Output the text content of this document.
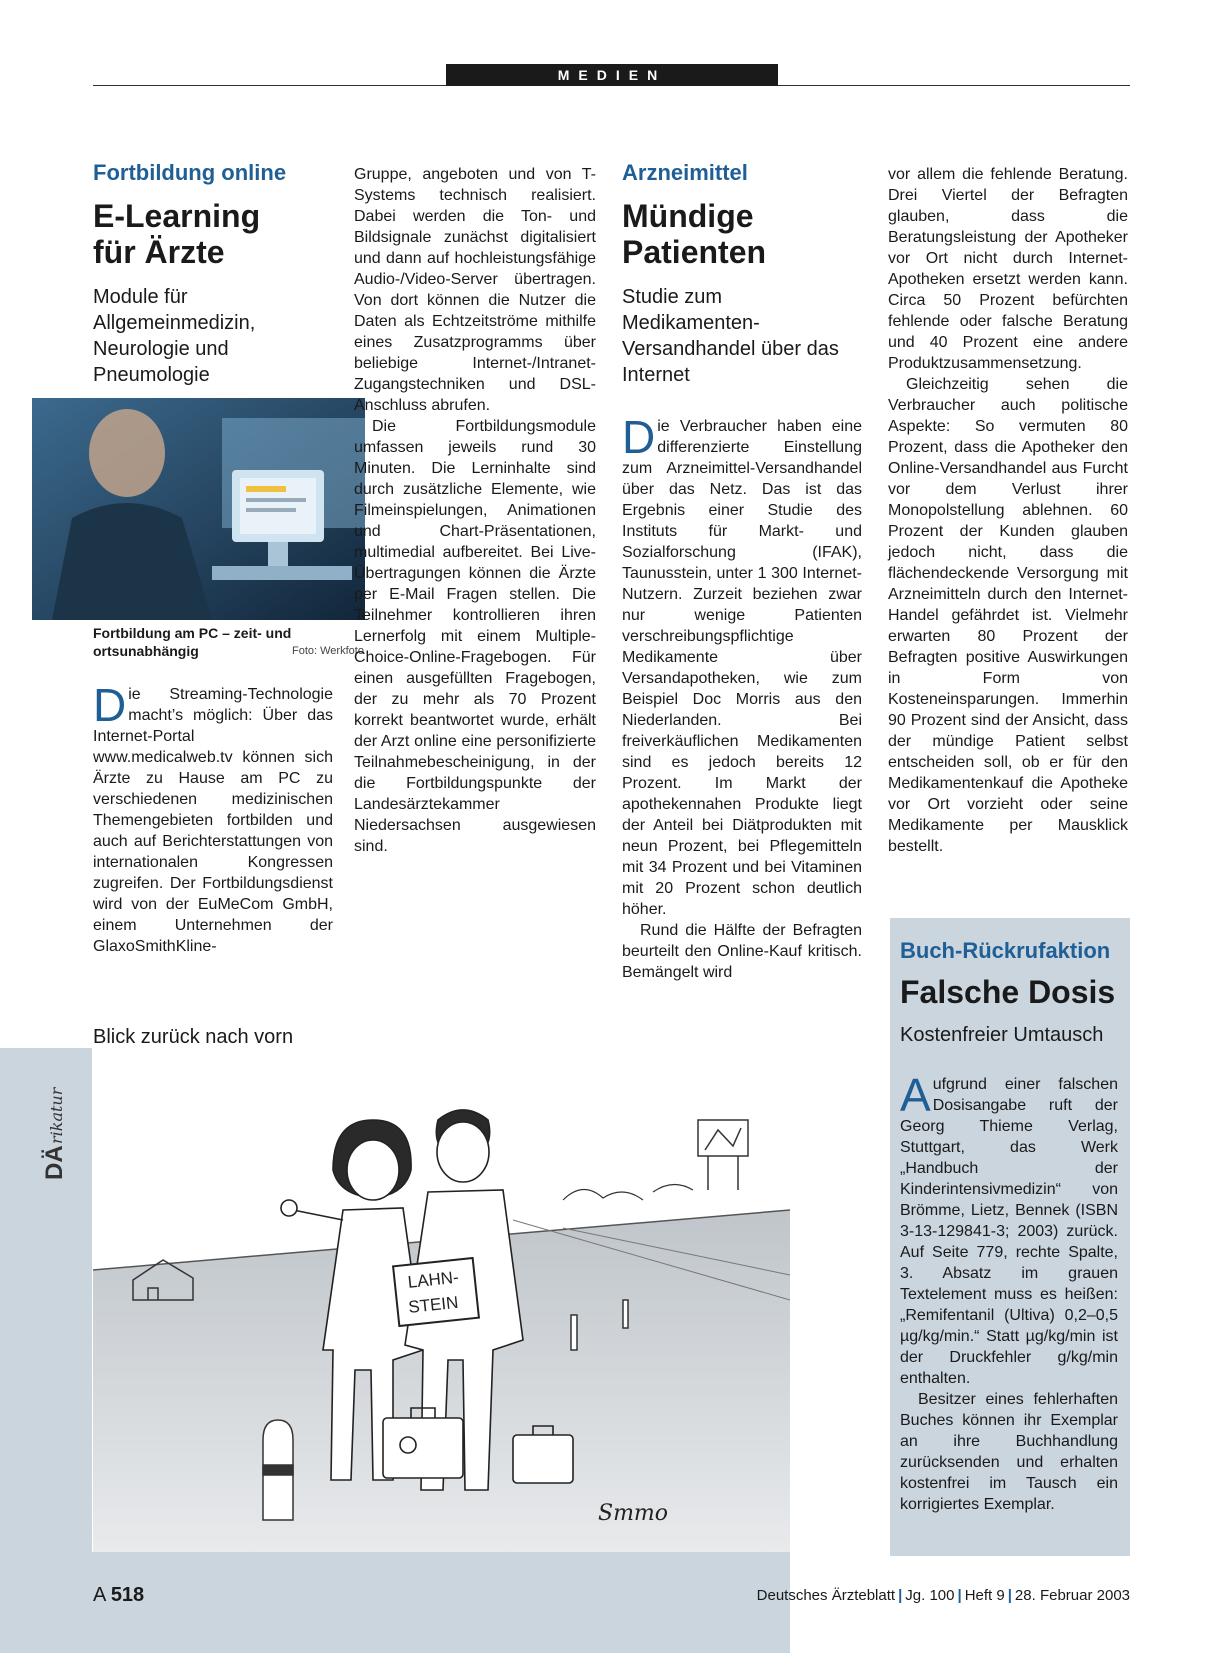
MEDIEN
Fortbildung online
E-Learning
für Ärzte
Module für Allgemeinmedizin, Neurologie und Pneumologie
Fortbildung am PC – zeit- und ortsunabhängig	Foto: Werkfoto

Die Streaming-Technologie macht’s möglich: Über das Internet-Portal www.medicalweb.tv können sich Ärzte zu Hause am PC zu verschiedenen medizinischen Themengebieten fortbilden und auch auf Berichterstattungen von internationalen Kongressen zugreifen. Der Fortbildungsdienst wird von der EuMeCom GmbH, einem Unternehmen der GlaxoSmithKline-

Gruppe, angeboten und von T-Systems technisch realisiert. Dabei werden die Ton- und Bildsignale zunächst digitalisiert und dann auf hochleistungsfähige Audio-/Video-Server übertragen. Von dort können die Nutzer die Daten als Echtzeitströme mithilfe eines Zusatzprogramms über beliebige Internet-/Intranet-Zugangstechniken und DSL-Anschluss abrufen.

Die Fortbildungsmodule umfassen jeweils rund 30 Minuten. Die Lerninhalte sind durch zusätzliche Elemente, wie Filmeinspielungen, Animationen und Chart-Präsentationen, multimedial aufbereitet. Bei Live-Übertragungen können die Ärzte per E-Mail Fragen stellen. Die Teilnehmer kontrollieren ihren Lernerfolg mit einem Multiple-Choice-Online-Fragebogen. Für einen ausgefüllten Fragebogen, der zu mehr als 70 Prozent korrekt beantwortet wurde, erhält der Arzt online eine personifizierte Teilnahmebescheinigung, in der die Fortbildungspunkte der Landesärztekammer Niedersachsen ausgewiesen sind.

Arzneimittel
Mündige
Patienten
Studie zum Medikamenten-Versandhandel über das Internet

Die Verbraucher haben eine differenzierte Einstellung zum Arzneimittel-Versandhandel über das Netz. Das ist das Ergebnis einer Studie des Instituts für Markt- und Sozialforschung (IFAK), Taunusstein, unter 1 300 Internet-Nutzern. Zurzeit beziehen zwar nur wenige Patienten verschreibungspflichtige Medikamente über Versandapotheken, wie zum Beispiel Doc Morris aus den Niederlanden. Bei freiverkäuflichen Medikamenten sind es jedoch bereits 12 Prozent. Im Markt der apothekennahen Produkte liegt der Anteil bei Diätprodukten mit neun Prozent, bei Pflegemitteln mit 34 Prozent und bei Vitaminen mit 20 Prozent schon deutlich höher.

Rund die Hälfte der Befragten beurteilt den Online-Kauf kritisch. Bemängelt wird

vor allem die fehlende Beratung. Drei Viertel der Befragten glauben, dass die Beratungsleistung der Apotheker vor Ort nicht durch Internet-Apotheken ersetzt werden kann. Circa 50 Prozent befürchten fehlende oder falsche Beratung und 40 Prozent eine andere Produktzusammensetzung.

Gleichzeitig sehen die Verbraucher auch politische Aspekte: So vermuten 80 Prozent, dass die Apotheker den Online-Versandhandel aus Furcht vor dem Verlust ihrer Monopolstellung ablehnen. 60 Prozent der Kunden glauben jedoch nicht, dass die flächendeckende Versorgung mit Arzneimitteln durch den Internet-Handel gefährdet ist. Vielmehr erwarten 80 Prozent der Befragten positive Auswirkungen in Form von Kosteneinsparungen. Immerhin 90 Prozent sind der Ansicht, dass der mündige Patient selbst entscheiden soll, ob er für den Medikamentenkauf die Apotheke vor Ort vorzieht oder seine Medikamente per Mausklick bestellt.

Buch-Rückrufaktion
Falsche Dosis
Kostenfreier Umtausch

Aufgrund einer falschen Dosisangabe ruft der Georg Thieme Verlag, Stuttgart, das Werk „Handbuch der Kinderintensivmedizin“ von Brömme, Lietz, Bennek (ISBN 3-13-129841-3; 2003) zurück. Auf Seite 779, rechte Spalte, 3. Absatz im grauen Textelement muss es heißen: „Remifentanil (Ultiva) 0,2–0,5 µg/kg/min.“ Statt µg/kg/min ist der Druckfehler g/kg/min enthalten.

Besitzer eines fehlerhaften Buches können ihr Exemplar an ihre Buchhandlung zurücksenden und erhalten kostenfrei im Tausch ein korrigiertes Exemplar.

Blick zurück nach vorn
DÄ
rikatur
LAHN-
STEIN
Smmo
A 518	Deutsches Ärzteblatt | Jg. 100 | Heft 9 | 28. Februar 2003
